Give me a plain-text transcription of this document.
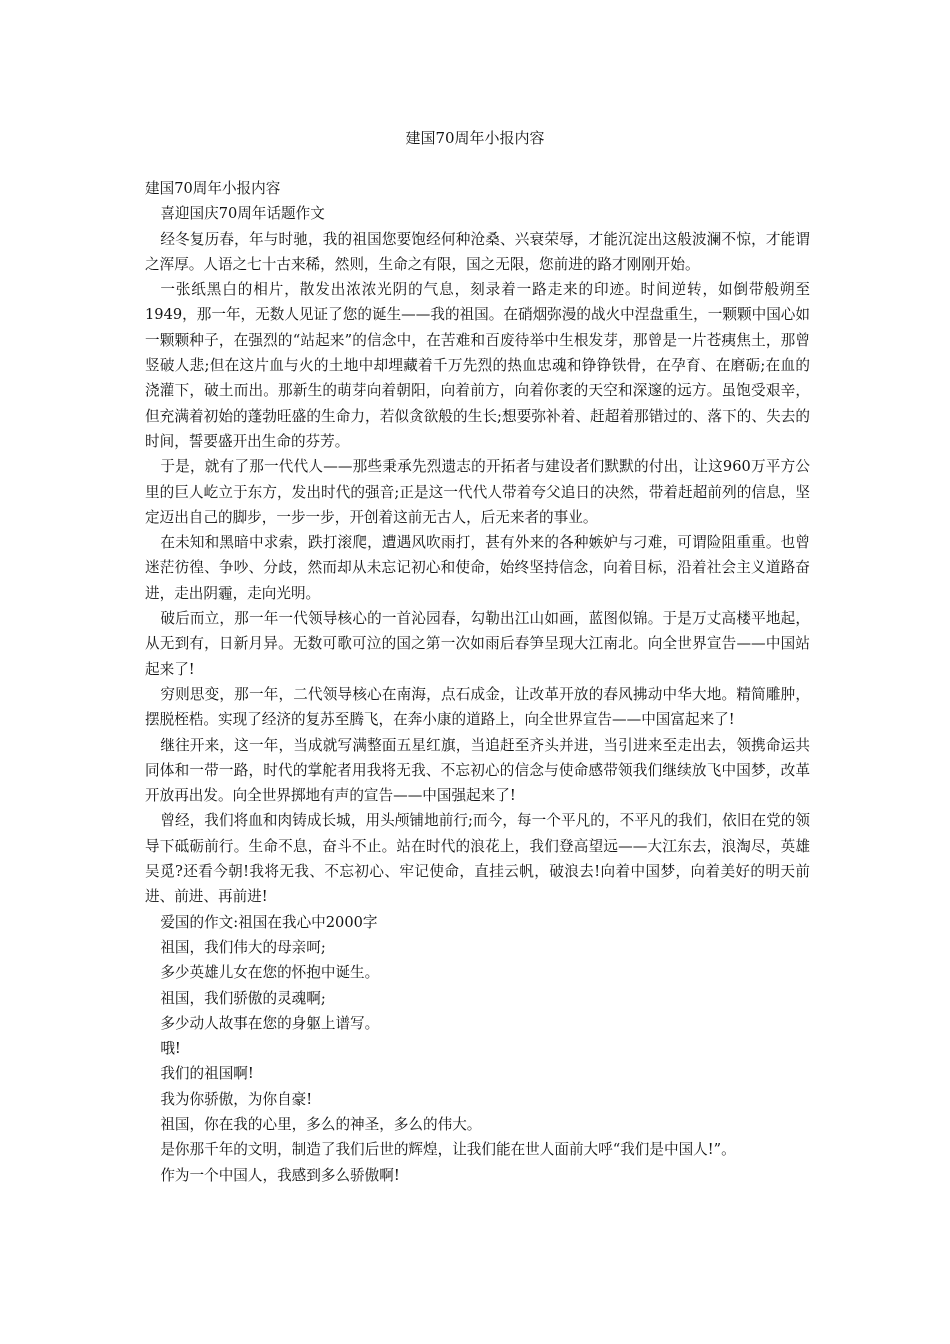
建国70周年小报内容

建国70周年小报内容

喜迎国庆70周年话题作文

经冬复历春，年与时驰，我的祖国您要饱经何种沧桑、兴衰荣辱，才能沉淀出这般波澜不惊，才能谓之浑厚。人语之七十古来稀，然则，生命之有限，国之无限，您前进的路才刚刚开始。

一张纸黑白的相片，散发出浓浓光阴的气息，刻录着一路走来的印迹。时间逆转，如倒带般朔至1949，那一年，无数人见证了您的诞生——我的祖国。在硝烟弥漫的战火中涅盘重生，一颗颗中国心如一颗颗种子，在强烈的“站起来”的信念中，在苦难和百废待举中生根发芽，那曾是一片苍痍焦土，那曾竖破人悲;但在这片血与火的土地中却埋藏着千万先烈的热血忠魂和铮铮铁骨，在孕育、在磨砺;在血的浇灌下，破土而出。那新生的萌芽向着朝阳，向着前方，向着你袤的天空和深邃的远方。虽饱受艰辛，但充满着初始的蓬勃旺盛的生命力，若似贪欲般的生长;想要弥补着、赶超着那错过的、落下的、失去的时间，誓要盛开出生命的芬芳。

于是，就有了那一代代人——那些秉承先烈遗志的开拓者与建设者们默默的付出，让这960万平方公里的巨人屹立于东方，发出时代的强音;正是这一代代人带着夸父追日的决然，带着赶超前列的信息，坚定迈出自己的脚步，一步一步，开创着这前无古人，后无来者的事业。

在未知和黑暗中求索，跌打滚爬，遭遇风吹雨打，甚有外来的各种嫉妒与刁难，可谓险阻重重。也曾迷茫彷徨、争吵、分歧，然而却从未忘记初心和使命，始终坚持信念，向着目标，沿着社会主义道路奋进，走出阴霾，走向光明。

破后而立，那一年一代领导核心的一首沁园春，勾勒出江山如画，蓝图似锦。于是万丈高楼平地起，从无到有，日新月异。无数可歌可泣的国之第一次如雨后春笋呈现大江南北。向全世界宣告——中国站起来了!

穷则思变，那一年，二代领导核心在南海，点石成金，让改革开放的春风拂动中华大地。精简雕肿，摆脱桎梏。实现了经济的复苏至腾飞，在奔小康的道路上，向全世界宣告——中国富起来了!

继往开来，这一年，当成就写满整面五星红旗，当追赶至齐头并进，当引进来至走出去，领携命运共同体和一带一路，时代的掌舵者用我将无我、不忘初心的信念与使命感带领我们继续放飞中国梦，改革开放再出发。向全世界掷地有声的宣告——中国强起来了!

曾经，我们将血和肉铸成长城，用头颅铺地前行;而今，每一个平凡的，不平凡的我们，依旧在党的领导下砥砺前行。生命不息，奋斗不止。站在时代的浪花上，我们登高望远——大江东去，浪淘尽，英雄吴觅?还看今朝!我将无我、不忘初心、牢记使命，直挂云帆，破浪去!向着中国梦，向着美好的明天前进、前进、再前进!

爱国的作文:祖国在我心中2000字

祖国，我们伟大的母亲呵;

多少英雄儿女在您的怀抱中诞生。

祖国，我们骄傲的灵魂啊;

多少动人故事在您的身躯上谱写。

哦!

我们的祖国啊!

我为你骄傲，为你自豪!

祖国，你在我的心里，多么的神圣，多么的伟大。

是你那千年的文明，制造了我们后世的辉煌，让我们能在世人面前大呼“我们是中国人!”。

作为一个中国人，我感到多么骄傲啊!
